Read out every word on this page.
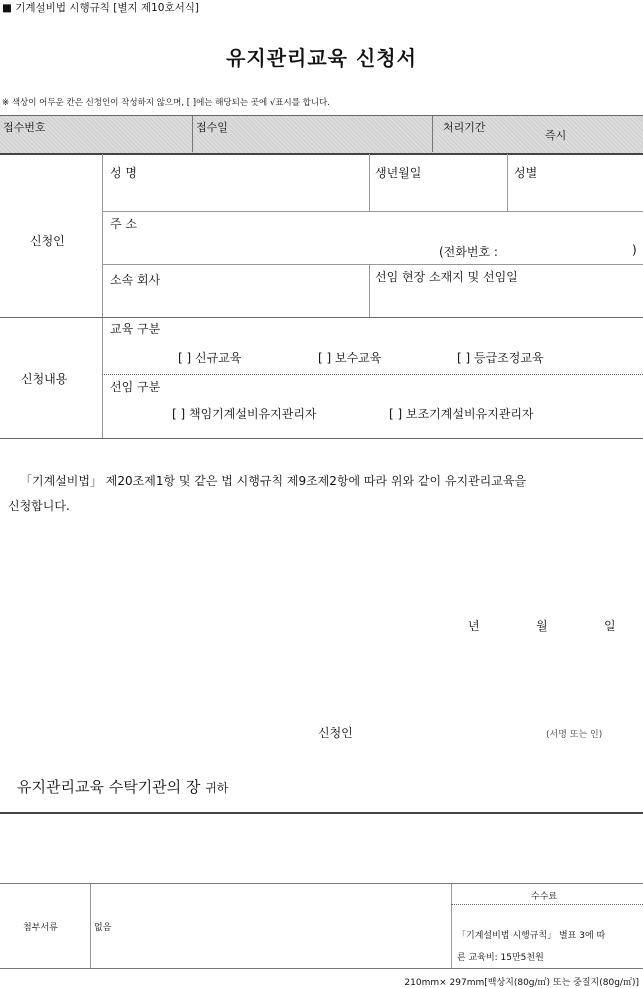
■ 기계설비법 시행규칙 [별지 제10호서식]
유지관리교육 신청서
※ 색상이 어두운 칸은 신청인이 작성하지 않으며, [ ]에는 해당되는 곳에 √표시를 합니다.
접수번호	접수일	처리기간
즉시
신청인
성 명	생년월일	성별
주 소
(전화번호 :	)
소속 회사	선임 현장 소재지 및 선임일
신청내용
교육 구분
[ ] 신규교육	[ ] 보수교육	[ ] 등급조정교육
선임 구분
[ ] 책임기계설비유지관리자	[ ] 보조기계설비유지관리자
「기계설비법」 제20조제1항 및 같은 법 시행규칙 제9조제2항에 따라 위와 같이 유지관리교육을
신청합니다.
년	월	일
신청인	(서명 또는 인)
유지관리교육 수탁기관의 장 귀하
첨부서류	없음
수수료
「기계설비법 시행규칙」 별표 3에 따
른 교육비: 15만5천원
210mm× 297mm[백상지(80g/㎡) 또는 중질지(80g/㎡)]
